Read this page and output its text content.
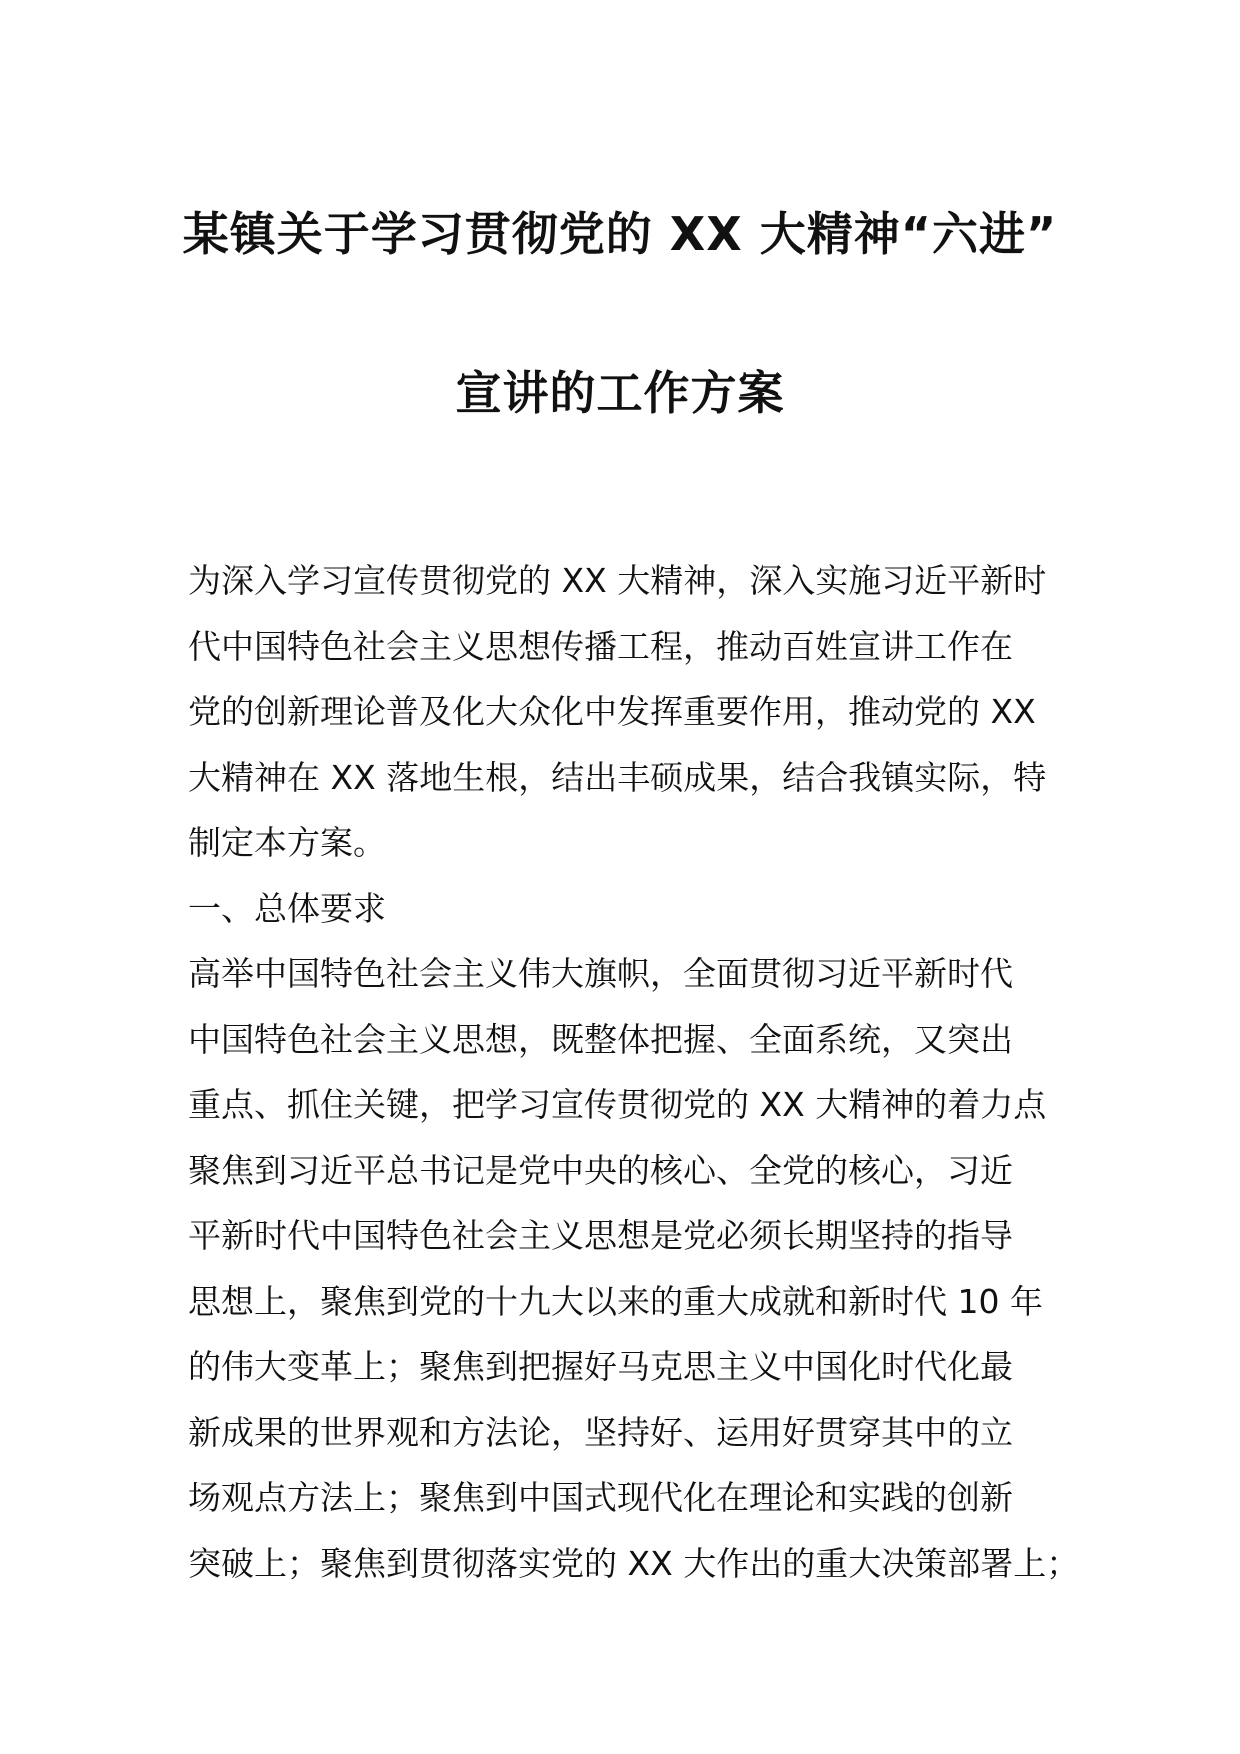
某镇关于学习贯彻党的 XX 大精神“六进”
宣讲的工作方案
为深入学习宣传贯彻党的 XX 大精神，深入实施习近平新时
代中国特色社会主义思想传播工程，推动百姓宣讲工作在
党的创新理论普及化大众化中发挥重要作用，推动党的 XX
大精神在 XX 落地生根，结出丰硕成果，结合我镇实际，特
制定本方案。
一、总体要求
高举中国特色社会主义伟大旗帜，全面贯彻习近平新时代
中国特色社会主义思想，既整体把握、全面系统，又突出
重点、抓住关键，把学习宣传贯彻党的 XX 大精神的着力点
聚焦到习近平总书记是党中央的核心、全党的核心，习近
平新时代中国特色社会主义思想是党必须长期坚持的指导
思想上，聚焦到党的十九大以来的重大成就和新时代 10 年
的伟大变革上；聚焦到把握好马克思主义中国化时代化最
新成果的世界观和方法论，坚持好、运用好贯穿其中的立
场观点方法上；聚焦到中国式现代化在理论和实践的创新
突破上；聚焦到贯彻落实党的 XX 大作出的重大决策部署上；
